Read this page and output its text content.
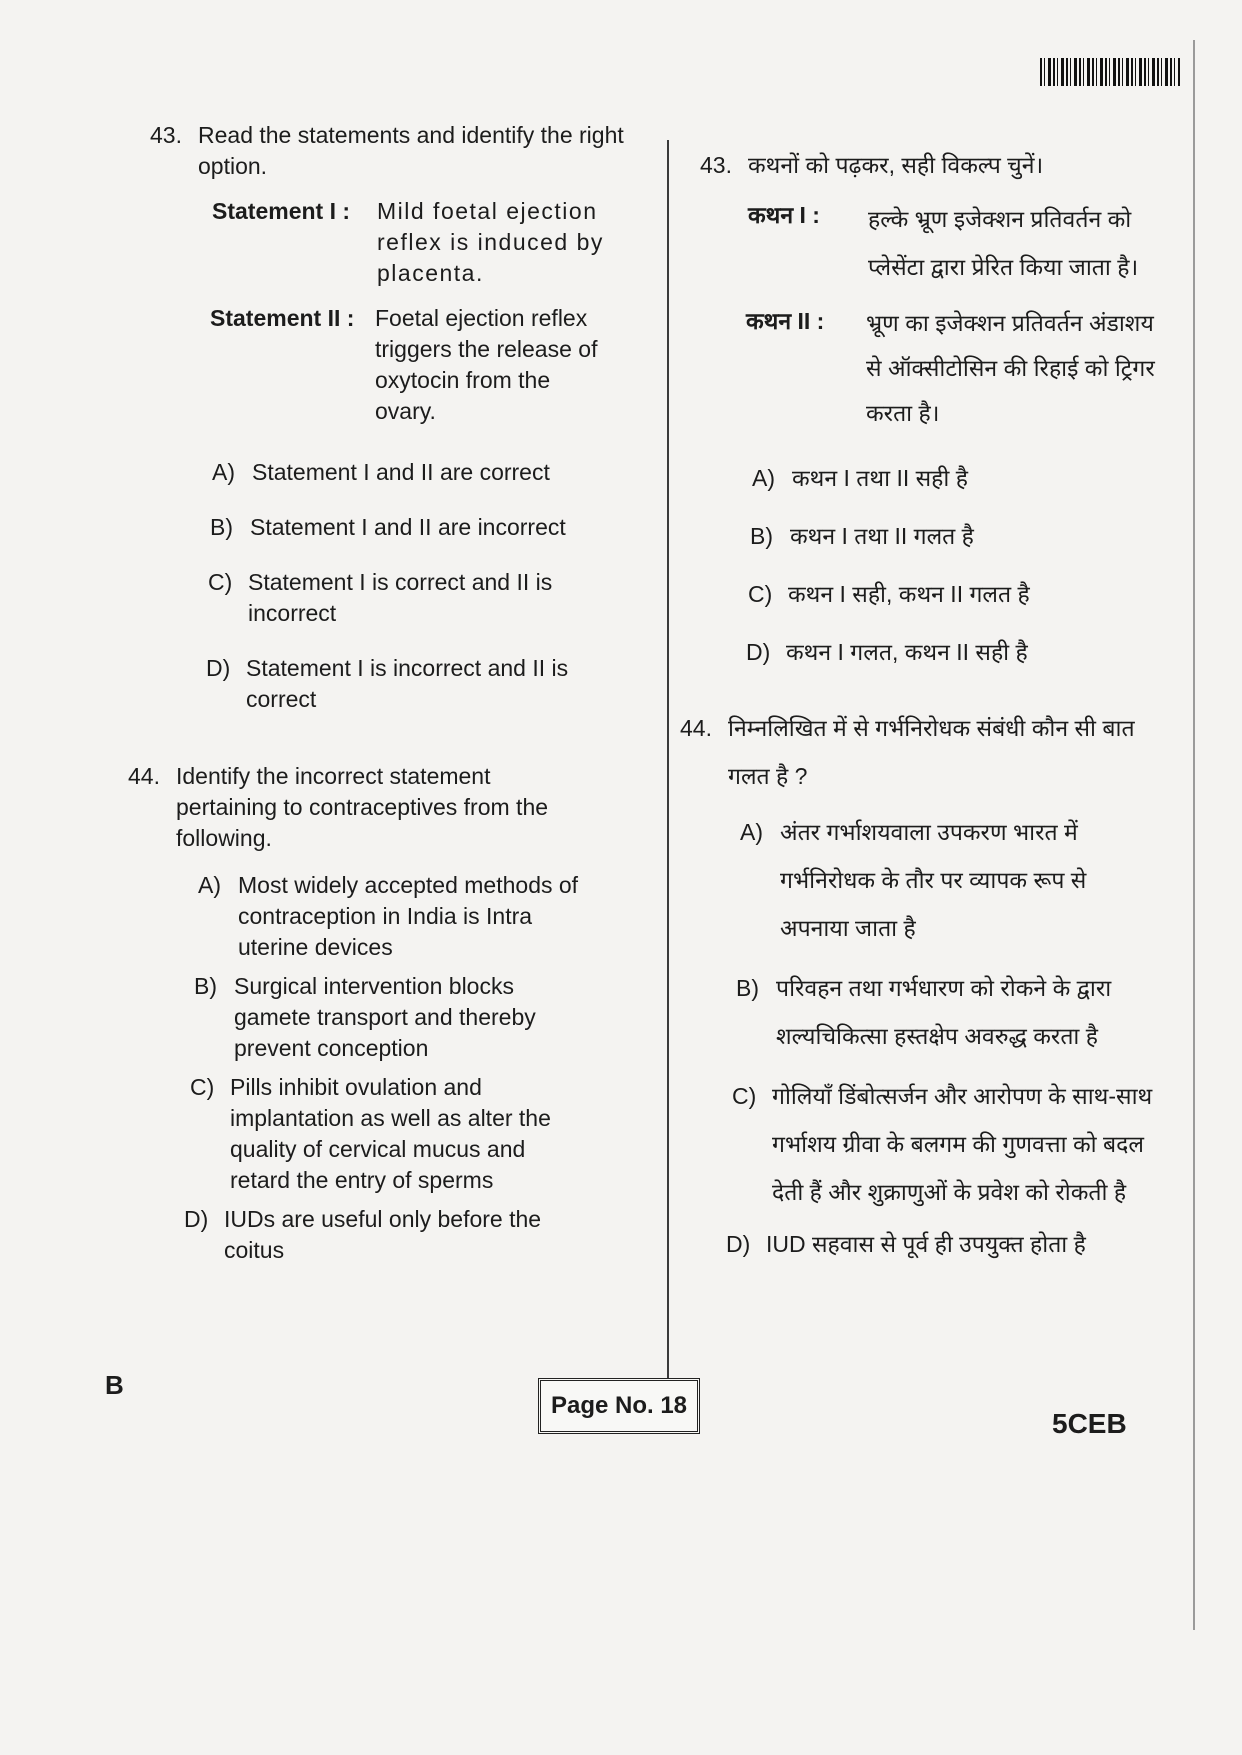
43. Read the statements and identify the right option.
Statement I :	Mild foetal ejection reflex is induced by placenta.
Statement II : Foetal ejection reflex triggers the release of oxytocin from the ovary.
A) Statement I and II are correct
B) Statement I and II are incorrect
C) Statement I is correct and II is incorrect
D) Statement I is incorrect and II is correct
44. Identify the incorrect statement pertaining to contraceptives from the following.
A) Most widely accepted methods of contraception in India is Intra uterine devices
B) Surgical intervention blocks gamete transport and thereby prevent conception
C) Pills inhibit ovulation and implantation as well as alter the quality of cervical mucus and retard the entry of sperms
D) IUDs are useful only before the coitus
43. कथनों को पढ़कर, सही विकल्प चुनें।
कथन I :	हल्के भ्रूण इजेक्शन प्रतिवर्तन को प्लेसेंटा द्वारा प्रेरित किया जाता है।
कथन II :	भ्रूण का इजेक्शन प्रतिवर्तन अंडाशय से ऑक्सीटोसिन की रिहाई को ट्रिगर करता है।
A) कथन I तथा II सही है
B) कथन I तथा II गलत है
C) कथन I सही, कथन II गलत है
D) कथन I गलत, कथन II सही है
44. निम्नलिखित में से गर्भनिरोधक संबंधी कौन सी बात गलत है ?
A) अंतर गर्भाशयवाला उपकरण भारत में गर्भनिरोधक के तौर पर व्यापक रूप से अपनाया जाता है
B) परिवहन तथा गर्भधारण को रोकने के द्वारा शल्यचिकित्सा हस्तक्षेप अवरुद्ध करता है
C) गोलियाँ डिंबोत्सर्जन और आरोपण के साथ-साथ गर्भाशय ग्रीवा के बलगम की गुणवत्ता को बदल देती हैं और शुक्राणुओं के प्रवेश को रोकती है
D) IUD सहवास से पूर्व ही उपयुक्त होता है
B
Page No. 18
5CEB
